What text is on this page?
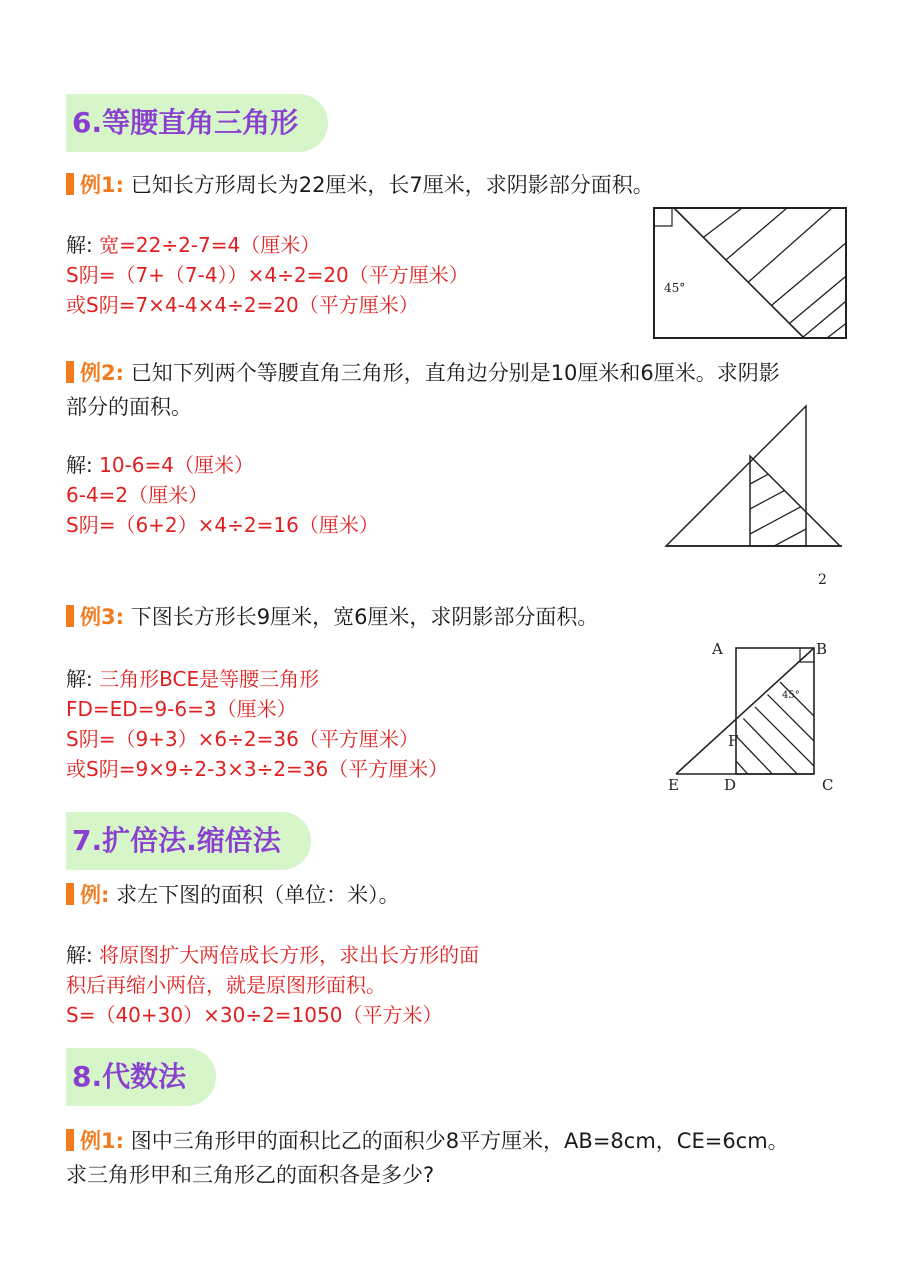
6.等腰直角三角形
例1: 已知长方形周长为22厘米，长7厘米，求阴影部分面积。
解: 宽=22÷2-7=4（厘米）
S阴=（7+（7-4））×4÷2=20（平方厘米）
或S阴=7×4-4×4÷2=20（平方厘米）
45°
例2: 已知下列两个等腰直角三角形，直角边分别是10厘米和6厘米。求阴影
部分的面积。
解: 10-6=4（厘米）
6-4=2（厘米）
S阴=（6+2）×4÷2=16（厘米）
2
例3: 下图长方形长9厘米，宽6厘米，求阴影部分面积。
解: 三角形BCE是等腰三角形
FD=ED=9-6=3（厘米）
S阴=（9+3）×6÷2=36（平方厘米）
或S阴=9×9÷2-3×3÷2=36（平方厘米）
A	B
C
D
E
F
45°
7.扩倍法.缩倍法
例: 求左下图的面积（单位：米）。
解: 将原图扩大两倍成长方形，求出长方形的面
积后再缩小两倍，就是原图形面积。
S=（40+30）×30÷2=1050（平方米）
8.代数法
例1: 图中三角形甲的面积比乙的面积少8平方厘米，AB=8cm，CE=6cm。
求三角形甲和三角形乙的面积各是多少?
